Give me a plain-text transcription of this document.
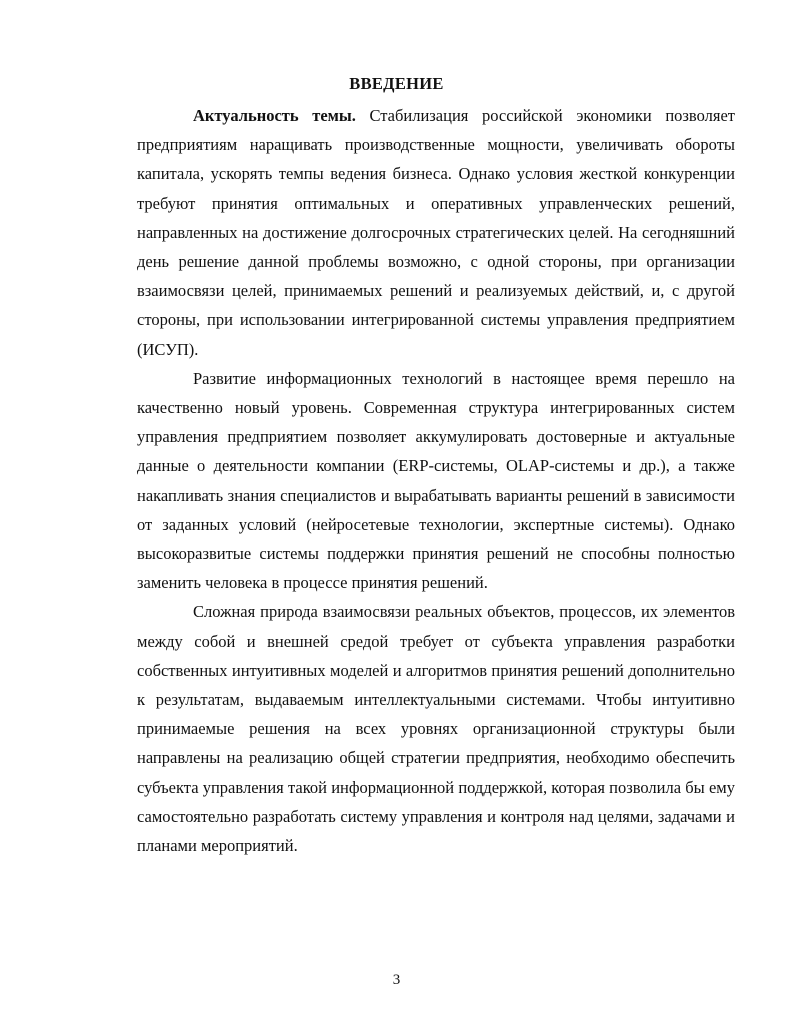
ВВЕДЕНИЕ

Актуальность темы. Стабилизация российской экономики позволяет предприятиям наращивать производственные мощности, увеличивать обороты капитала, ускорять темпы ведения бизнеса. Однако условия жесткой конкуренции требуют принятия оптимальных и оперативных управленческих решений, направленных на достижение долгосрочных стратегических целей. На сегодняшний день решение данной проблемы возможно, с одной стороны, при организации взаимосвязи целей, принимаемых решений и реализуемых действий, и, с другой стороны, при использовании интегрированной системы управления предприятием (ИСУП).

Развитие информационных технологий в настоящее время перешло на качественно новый уровень. Современная структура интегрированных систем управления предприятием позволяет аккумулировать достоверные и актуальные данные о деятельности компании (ERP-системы, OLAP-системы и др.), а также накапливать знания специалистов и вырабатывать варианты решений в зависимости от заданных условий (нейросетевые технологии, экспертные системы). Однако высокоразвитые системы поддержки принятия решений не способны полностью заменить человека в процессе принятия решений.

Сложная природа взаимосвязи реальных объектов, процессов, их элементов между собой и внешней средой требует от субъекта управления разработки собственных интуитивных моделей и алгоритмов принятия решений дополнительно к результатам, выдаваемым интеллектуальными системами. Чтобы интуитивно принимаемые решения на всех уровнях организационной структуры были направлены на реализацию общей стратегии предприятия, необходимо обеспечить субъекта управления такой информационной поддержкой, которая позволила бы ему самостоятельно разработать систему управления и контроля над целями, задачами и планами мероприятий.

3
